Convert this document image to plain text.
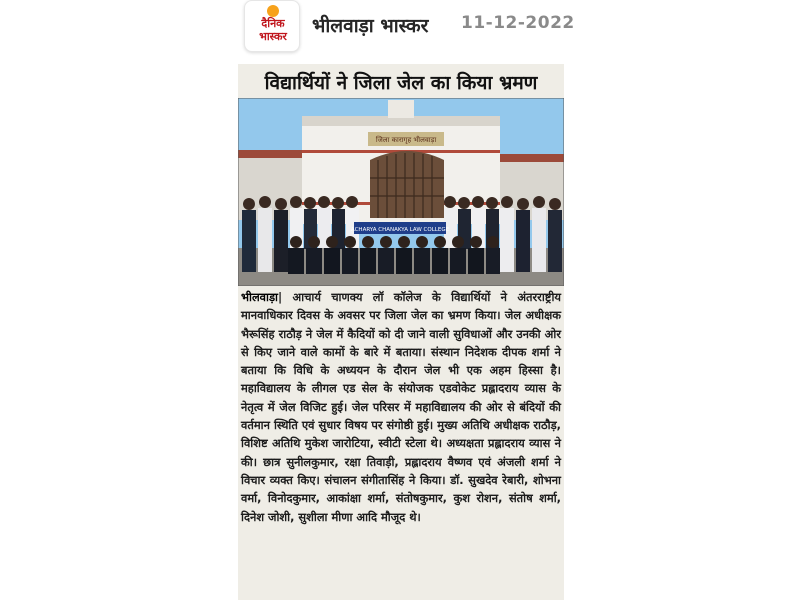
दैनिक
भास्कर	भीलवाड़ा भास्कर 11-12-2022
विद्यार्थियों ने जिला जेल का किया भ्रमण
जिला कारागृह भीलवाड़ा
ACHARYA CHANAKYA LAW COLLEGE

भीलवाड़ा| आचार्य चाणक्य लॉ कॉलेज के विद्यार्थियों ने अंतरराष्ट्रीय मानवाधिकार दिवस के अवसर पर जिला जेल का भ्रमण किया। जेल अधीक्षक भैरूसिंह राठौड़ ने जेल में कैदियों को दी जाने वाली सुविधाओं और उनकी ओर से किए जाने वाले कामों के बारे में बताया। संस्थान निदेशक दीपक शर्मा ने बताया कि विधि के अध्ययन के दौरान जेल भी एक अहम हिस्सा है। महाविद्यालय के लीगल एड सेल के संयोजक एडवोकेट प्रह्लादराय व्यास के नेतृत्व में जेल विजिट हुई। जेल परिसर में महाविद्यालय की ओर से बंदियों की वर्तमान स्थिति एवं सुधार विषय पर संगोष्ठी हुई। मुख्य अतिथि अधीक्षक राठौड़, विशिष्ट अतिथि मुकेश जारोटिया, स्वीटी स्टेला थे। अध्यक्षता प्रह्लादराय व्यास ने की। छात्र सुनीलकुमार, रक्षा तिवाड़ी, प्रह्लादराय वैष्णव एवं अंजली शर्मा ने विचार व्यक्त किए। संचालन संगीतासिंह ने किया। डॉ. सुखदेव रेबारी, शोभना वर्मा, विनोदकुमार, आकांक्षा शर्मा, संतोषकुमार, कुश रोशन, संतोष शर्मा, दिनेश जोशी, सुशीला मीणा आदि मौजूद थे।
